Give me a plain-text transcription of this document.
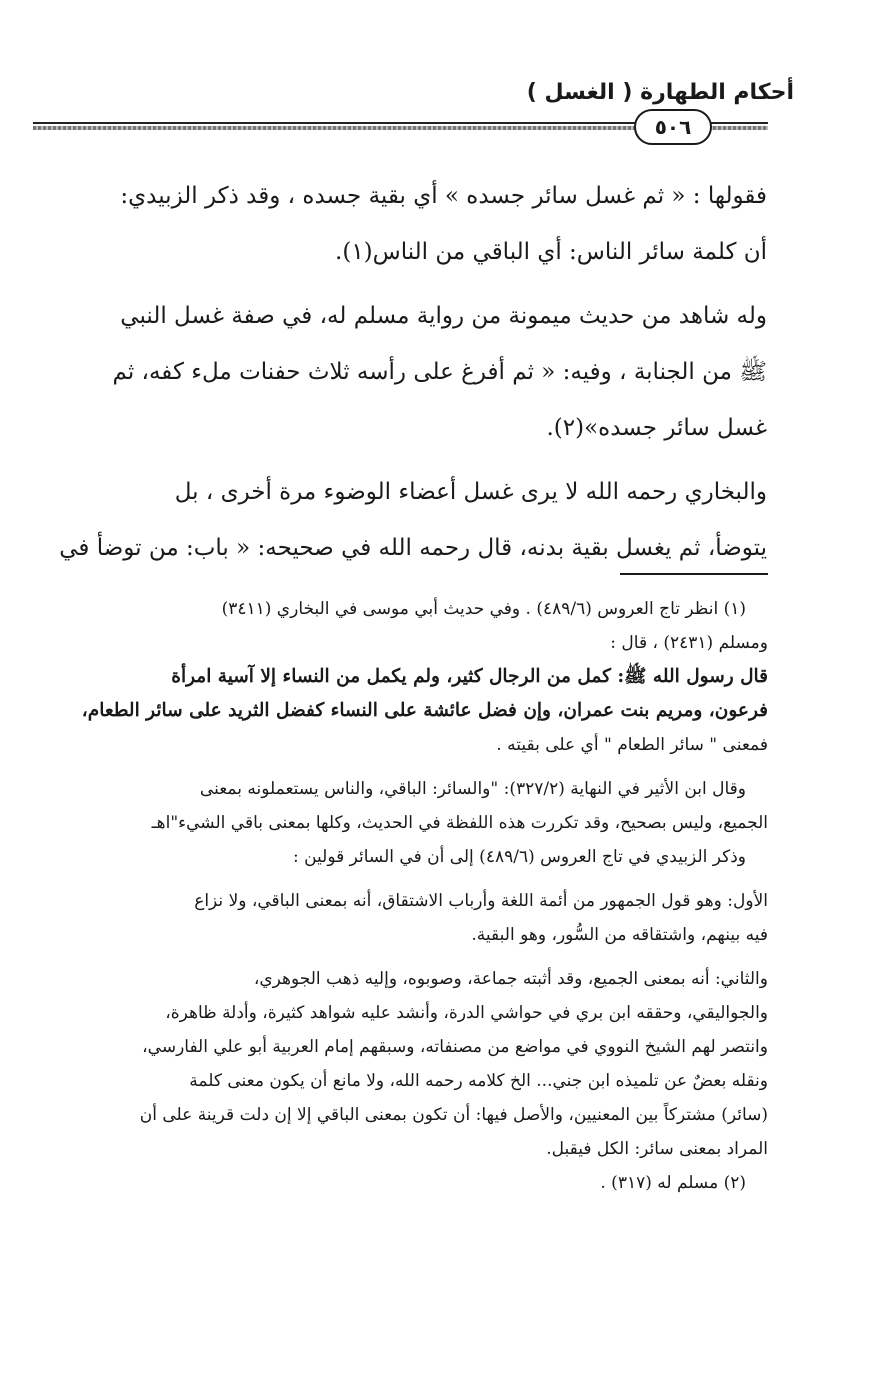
أحكام الطهارة ( الغسل )
٥٠٦
فقولها : « ثم غسل سائر جسده » أي بقية جسده ، وقد ذكر الزبيدي:
أن كلمة سائر الناس: أي الباقي من الناس(١).
وله شاهد من حديث ميمونة من رواية مسلم له، في صفة غسل النبي
ﷺ من الجنابة ، وفيه: « ثم أفرغ على رأسه ثلاث حفنات ملء كفه، ثم
غسل سائر جسده»(٢).
والبخاري رحمه الله لا يرى غسل أعضاء الوضوء مرة أخرى ، بل
يتوضأ، ثم يغسل بقية بدنه، قال رحمه الله في صحيحه: « باب: من توضأ في
(١) انظر تاج العروس (٤٨٩/٦) . وفي حديث أبي موسى في البخاري (٣٤١١)
ومسلم (٢٤٣١) ، قال :
قال رسول الله ﷺ: كمل من الرجال كثير، ولم يكمل من النساء إلا آسية امرأة
فرعون، ومريم بنت عمران، وإن فضل عائشة على النساء كفضل الثريد على سائر الطعام،
فمعنى " سائر الطعام " أي على بقيته .
وقال ابن الأثير في النهاية (٣٢٧/٢): "والسائر: الباقي، والناس يستعملونه بمعنى
الجميع، وليس بصحيح، وقد تكررت هذه اللفظة في الحديث، وكلها بمعنى باقي الشيء"اهـ
وذكر الزبيدي في تاج العروس (٤٨٩/٦) إلى أن في السائر قولين :
الأول: وهو قول الجمهور من أئمة اللغة وأرباب الاشتقاق، أنه بمعنى الباقي، ولا نزاع
فيه بينهم، واشتقاقه من السُّور، وهو البقية.
والثاني: أنه بمعنى الجميع، وقد أثبته جماعة، وصوبوه، وإليه ذهب الجوهري،
والجواليقي، وحققه ابن بري في حواشي الدرة، وأنشد عليه شواهد كثيرة، وأدلة ظاهرة،
وانتصر لهم الشيخ النووي في مواضع من مصنفاته، وسبقهم إمام العربية أبو علي الفارسي،
ونقله بعضٌ عن تلميذه ابن جني... الخ كلامه رحمه الله، ولا مانع أن يكون معنى كلمة
(سائر) مشتركاً بين المعنيين، والأصل فيها: أن تكون بمعنى الباقي إلا إن دلت قرينة على أن
المراد بمعنى سائر: الكل فيقبل.
(٢) مسلم له (٣١٧) .
